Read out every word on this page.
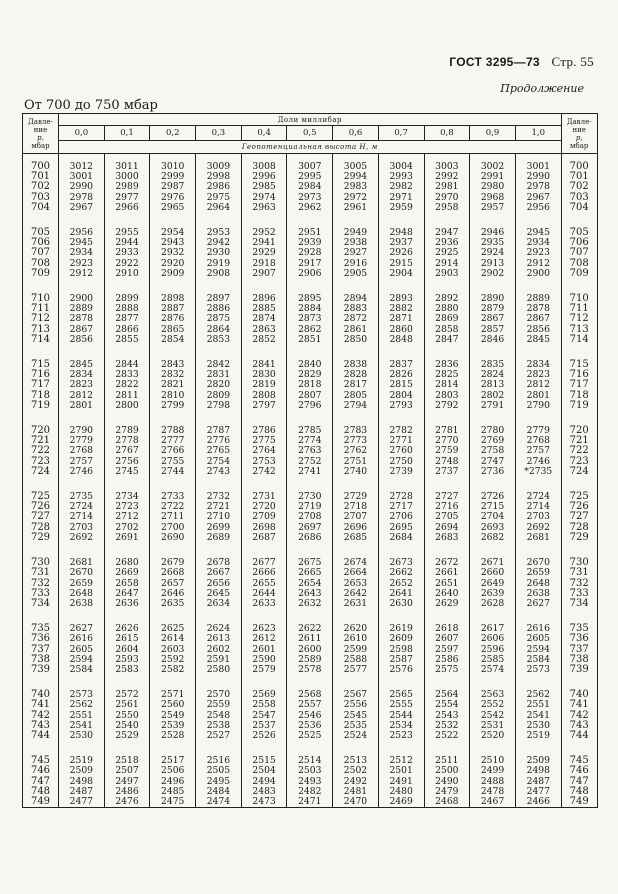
ГОСТ 3295—73 Стр. 55
Продолжение
От 700 до 750 мбар
Давле-
ние
p,
мбар	Доли миллибар											Давле-
ние
p,
мбар
	0,0	0,1	0,2	0,3	0,4	0,5	0,6	0,7	0,8	0,9	1,0	
	Геопотенциальная высота H, м											
700	3012	3011	3010	3009	3008	3007	3005	3004	3003	3002	3001	700
701	3001	3000	2999	2998	2996	2995	2994	2993	2992	2991	2990	701
702	2990	2989	2987	2986	2985	2984	2983	2982	2981	2980	2978	702
703	2978	2977	2976	2975	2974	2973	2972	2971	2970	2968	2967	703
704	2967	2966	2965	2964	2963	2962	2961	2959	2958	2957	2956	704
705	2956	2955	2954	2953	2952	2951	2949	2948	2947	2946	2945	705
706	2945	2944	2943	2942	2941	2939	2938	2937	2936	2935	2934	706
707	2934	2933	2932	2930	2929	2928	2927	2926	2925	2924	2923	707
708	2923	2922	2920	2919	2918	2917	2916	2915	2914	2913	2912	708
709	2912	2910	2909	2908	2907	2906	2905	2904	2903	2902	2900	709
710	2900	2899	2898	2897	2896	2895	2894	2893	2892	2890	2889	710
711	2889	2888	2887	2886	2885	2884	2883	2882	2880	2879	2878	711
712	2878	2877	2876	2875	2874	2873	2872	2871	2869	2867	2867	712
713	2867	2866	2865	2864	2863	2862	2861	2860	2858	2857	2856	713
714	2856	2855	2854	2853	2852	2851	2850	2848	2847	2846	2845	714
715	2845	2844	2843	2842	2841	2840	2838	2837	2836	2835	2834	715
716	2834	2833	2832	2831	2830	2829	2828	2826	2825	2824	2823	716
717	2823	2822	2821	2820	2819	2818	2817	2815	2814	2813	2812	717
718	2812	2811	2810	2809	2808	2807	2805	2804	2803	2802	2801	718
719	2801	2800	2799	2798	2797	2796	2794	2793	2792	2791	2790	719
720	2790	2789	2788	2787	2786	2785	2783	2782	2781	2780	2779	720
721	2779	2778	2777	2776	2775	2774	2773	2771	2770	2769	2768	721
722	2768	2767	2766	2765	2764	2763	2762	2760	2759	2758	2757	722
723	2757	2756	2755	2754	2753	2752	2751	2750	2748	2747	2746	723
724	2746	2745	2744	2743	2742	2741	2740	2739	2737	2736	*2735	724
725	2735	2734	2733	2732	2731	2730	2729	2728	2727	2726	2724	725
726	2724	2723	2722	2721	2720	2719	2718	2717	2716	2715	2714	726
727	2714	2712	2711	2710	2709	2708	2707	2706	2705	2704	2703	727
728	2703	2702	2700	2699	2698	2697	2696	2695	2694	2693	2692	728
729	2692	2691	2690	2689	2687	2686	2685	2684	2683	2682	2681	729
730	2681	2680	2679	2678	2677	2675	2674	2673	2672	2671	2670	730
731	2670	2669	2668	2667	2666	2665	2664	2662	2661	2660	2659	731
732	2659	2658	2657	2656	2655	2654	2653	2652	2651	2649	2648	732
733	2648	2647	2646	2645	2644	2643	2642	2641	2640	2639	2638	733
734	2638	2636	2635	2634	2633	2632	2631	2630	2629	2628	2627	734
735	2627	2626	2625	2624	2623	2622	2620	2619	2618	2617	2616	735
736	2616	2615	2614	2613	2612	2611	2610	2609	2607	2606	2605	736
737	2605	2604	2603	2602	2601	2600	2599	2598	2597	2596	2594	737
738	2594	2593	2592	2591	2590	2589	2588	2587	2586	2585	2584	738
739	2584	2583	2582	2580	2579	2578	2577	2576	2575	2574	2573	739
740	2573	2572	2571	2570	2569	2568	2567	2565	2564	2563	2562	740
741	2562	2561	2560	2559	2558	2557	2556	2555	2554	2552	2551	741
742	2551	2550	2549	2548	2547	2546	2545	2544	2543	2542	2541	742
743	2541	2540	2539	2538	2537	2536	2535	2534	2532	2531	2530	743
744	2530	2529	2528	2527	2526	2525	2524	2523	2522	2520	2519	744
745	2519	2518	2517	2516	2515	2514	2513	2512	2511	2510	2509	745
746	2509	2507	2506	2505	2504	2503	2502	2501	2500	2499	2498	746
747	2498	2497	2496	2495	2494	2493	2492	2491	2490	2488	2487	747
748	2487	2486	2485	2484	2483	2482	2481	2480	2479	2478	2477	748
749	2477	2476	2475	2474	2473	2471	2470	2469	2468	2467	2466	749
